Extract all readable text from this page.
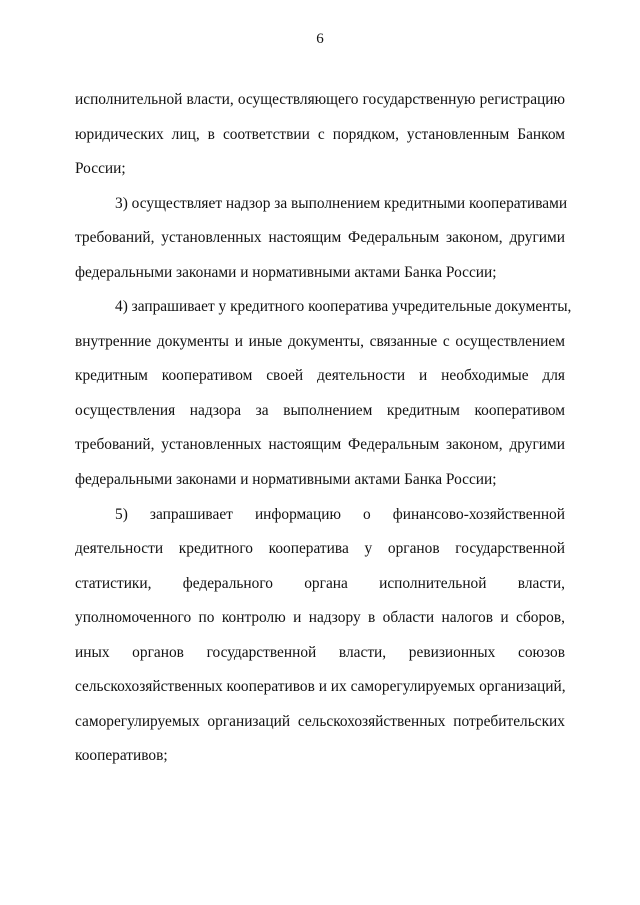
6
исполнительной власти, осуществляющего государственную регистрацию
юридических лиц, в соответствии с порядком, установленным Банком
России;
3) осуществляет надзор за выполнением кредитными кооперативами
требований, установленных настоящим Федеральным законом, другими
федеральными законами и нормативными актами Банка России;
4) запрашивает у кредитного кооператива учредительные документы,
внутренние документы и иные документы, связанные с осуществлением
кредитным кооперативом своей деятельности и необходимые для
осуществления надзора за выполнением кредитным кооперативом
требований, установленных настоящим Федеральным законом, другими
федеральными законами и нормативными актами Банка России;
5) запрашивает информацию о финансово-хозяйственной
деятельности кредитного кооператива у органов государственной
статистики, федерального органа исполнительной власти,
уполномоченного по контролю и надзору в области налогов и сборов,
иных органов государственной власти, ревизионных союзов
сельскохозяйственных кооперативов и их саморегулируемых организаций,
саморегулируемых организаций сельскохозяйственных потребительских
кооперативов;
